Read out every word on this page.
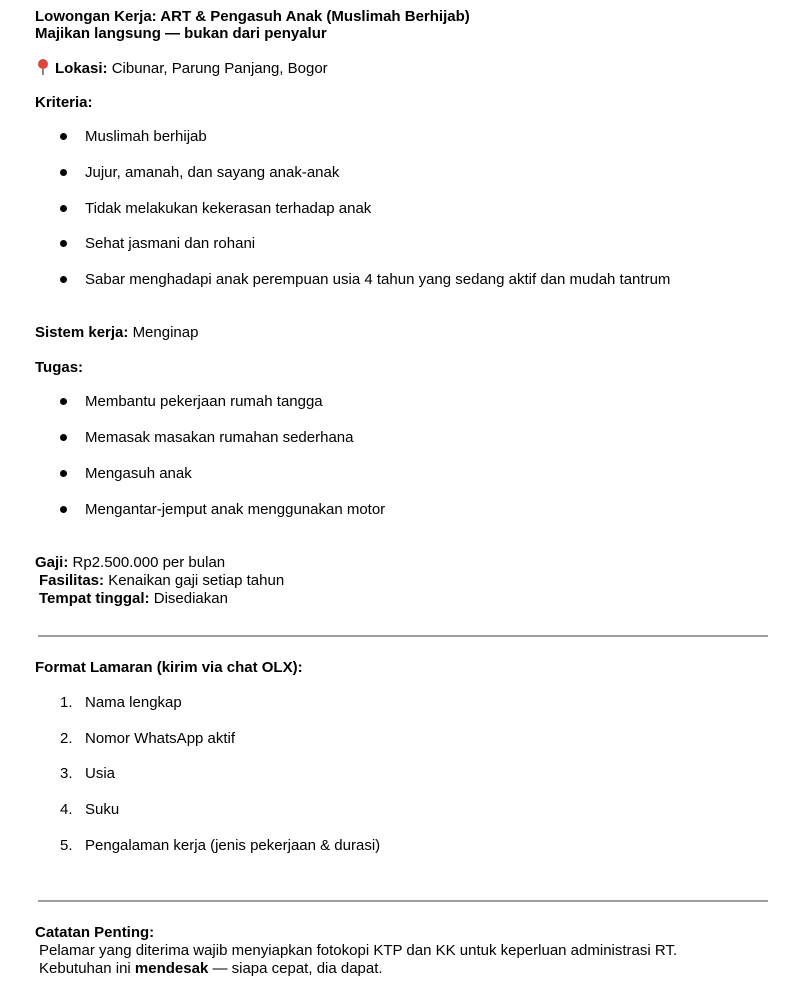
Lowongan Kerja: ART & Pengasuh Anak (Muslimah Berhijab)
Majikan langsung — bukan dari penyalur
Lokasi: Cibunar, Parung Panjang, Bogor
Kriteria:
Muslimah berhijab
Jujur, amanah, dan sayang anak-anak
Tidak melakukan kekerasan terhadap anak
Sehat jasmani dan rohani
Sabar menghadapi anak perempuan usia 4 tahun yang sedang aktif dan mudah tantrum
Sistem kerja: Menginap
Tugas:
Membantu pekerjaan rumah tangga
Memasak masakan rumahan sederhana
Mengasuh anak
Mengantar-jemput anak menggunakan motor
Gaji: Rp2.500.000 per bulan
Fasilitas: Kenaikan gaji setiap tahun
Tempat tinggal: Disediakan
Format Lamaran (kirim via chat OLX):
1. Nama lengkap
2. Nomor WhatsApp aktif
3. Usia
4. Suku
5. Pengalaman kerja (jenis pekerjaan & durasi)
Catatan Penting:
Pelamar yang diterima wajib menyiapkan fotokopi KTP dan KK untuk keperluan administrasi RT.
Kebutuhan ini mendesak — siapa cepat, dia dapat.
